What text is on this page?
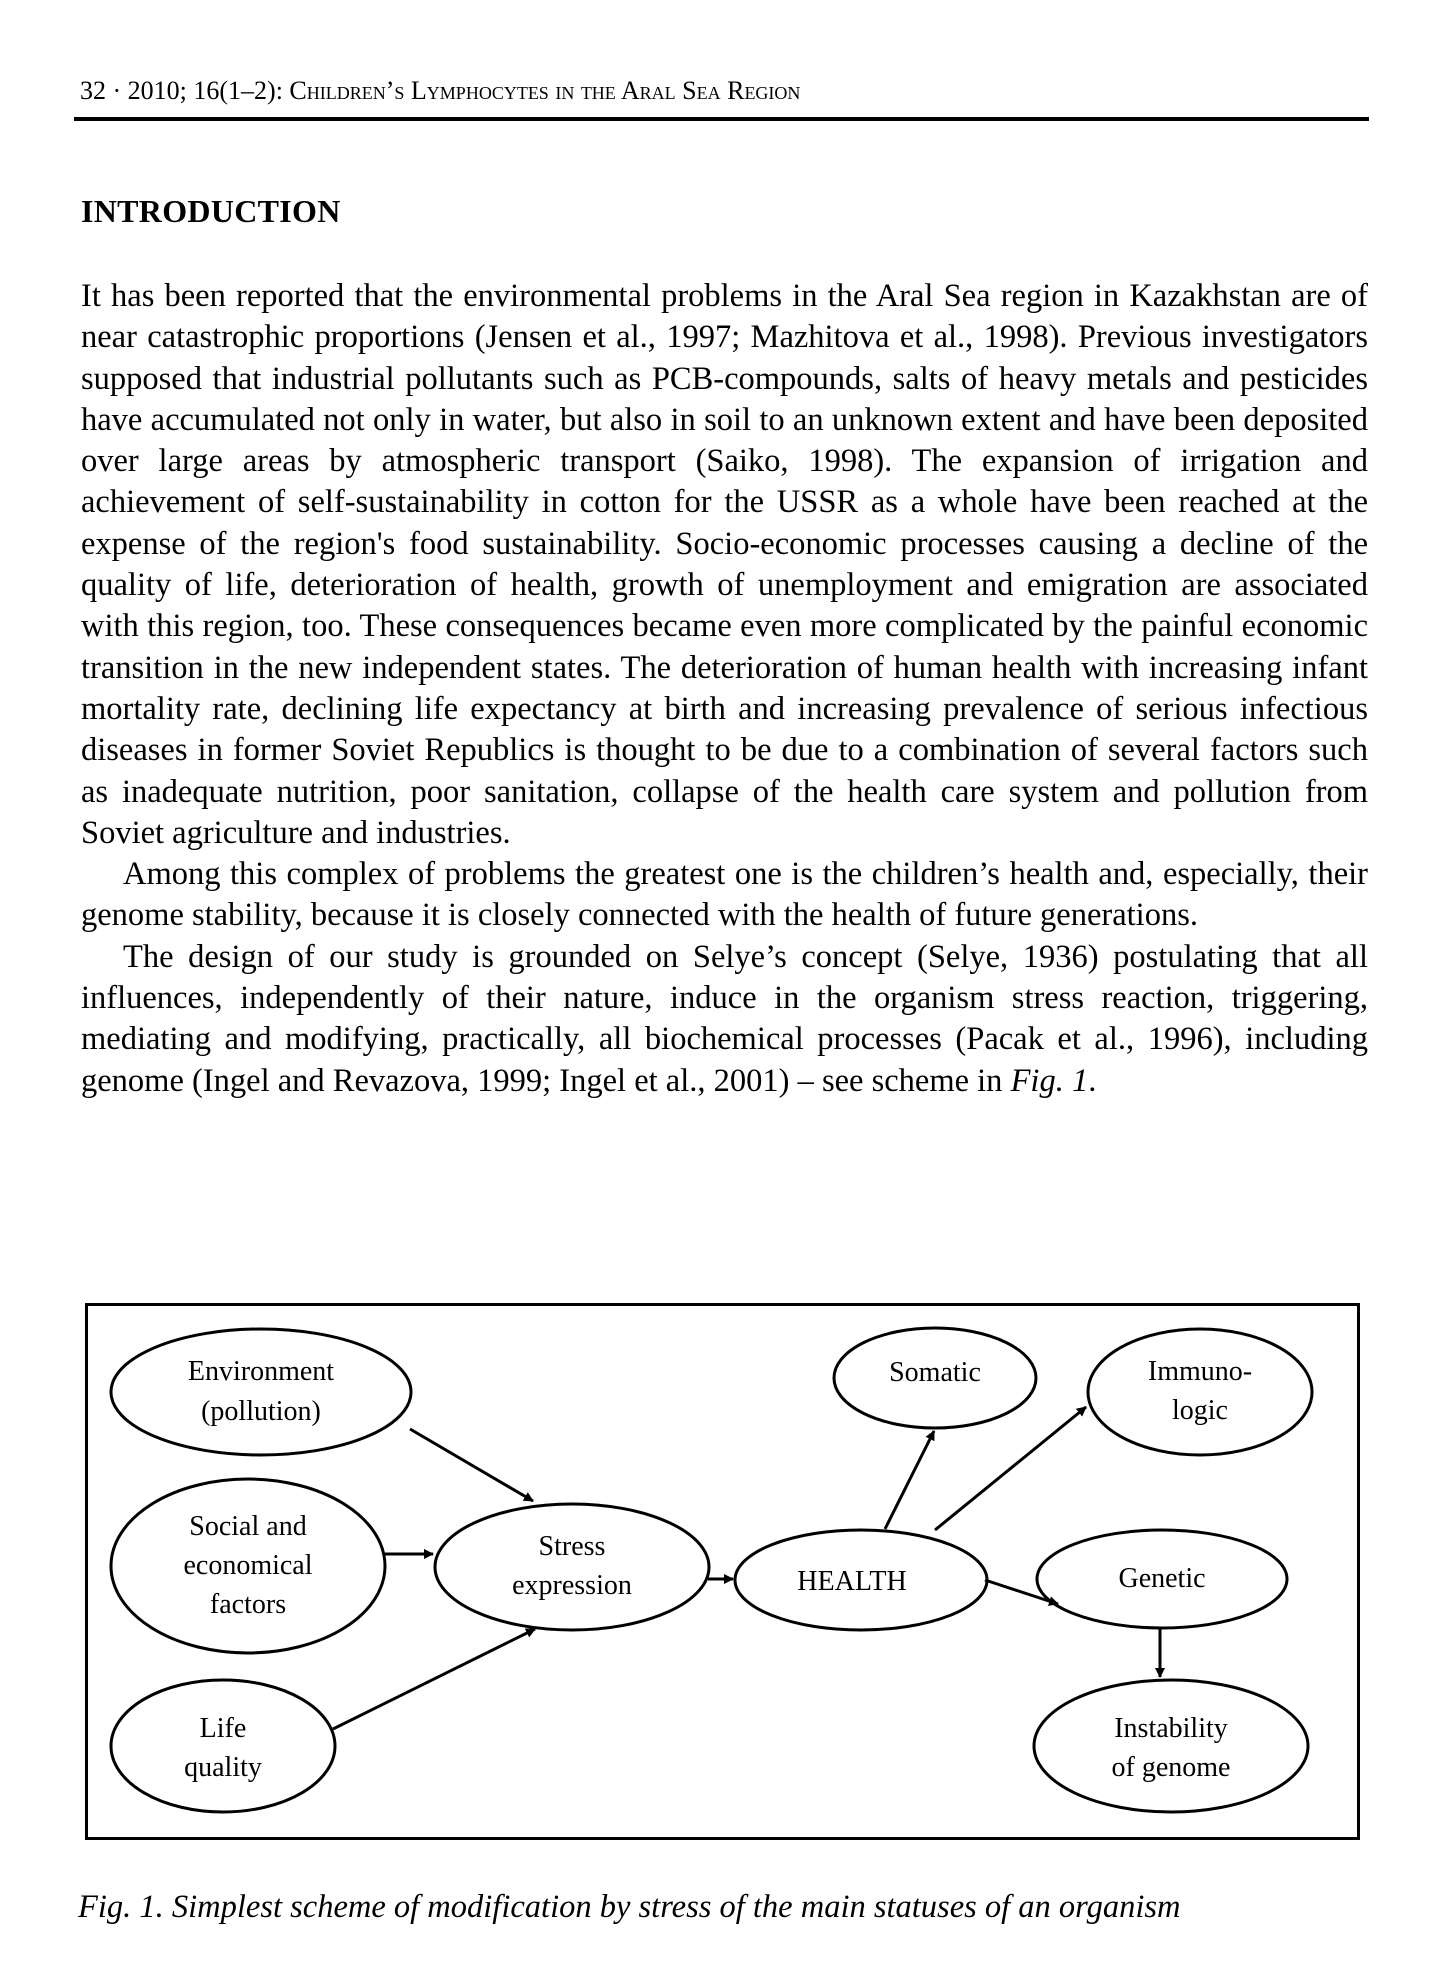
32 · 2010; 16(1–2): Children’s Lymphocytes in the Aral Sea Region
INTRODUCTION

It has been reported that the environmental problems in the Aral Sea region in Kazakhstan are of near catastrophic proportions (Jensen et al., 1997; Mazhitova et al., 1998). Previous investigators supposed that industrial pollutants such as PCB-compounds, salts of heavy metals and pesticides have accumulated not only in water, but also in soil to an unknown extent and have been deposited over large areas by atmospheric transport (Saiko, 1998). The expansion of irrigation and achievement of self-sustainability in cotton for the USSR as a whole have been reached at the expense of the region's food sustainability. Socio-economic processes causing a decline of the quality of life, deterioration of health, growth of unemployment and emigration are associated with this region, too. These consequences became even more complicated by the painful economic transition in the new independent states. The deterioration of human health with increasing infant mortality rate, declining life expectancy at birth and increasing prevalence of serious infectious diseases in former Soviet Republics is thought to be due to a combination of several factors such as inadequate nutrition, poor sanitation, collapse of the health care system and pollution from Soviet agriculture and industries.

Among this complex of problems the greatest one is the children’s health and, especially, their genome stability, because it is closely connected with the health of future generations.

The design of our study is grounded on Selye’s concept (Selye, 1936) postulating that all influences, independently of their nature, induce in the organism stress reaction, triggering, mediating and modifying, practically, all biochemical processes (Pacak et al., 1996), including genome (Ingel and Revazova, 1999; Ingel et al., 2001) – see scheme in Fig. 1.

Environment (pollution)
Social and economical factors
Life quality
Stress expression	HEALTH
Somatic	Immuno-logic
Genetic
Instability of genome
Fig. 1. Simplest scheme of modification by stress of the main statuses of an organism
